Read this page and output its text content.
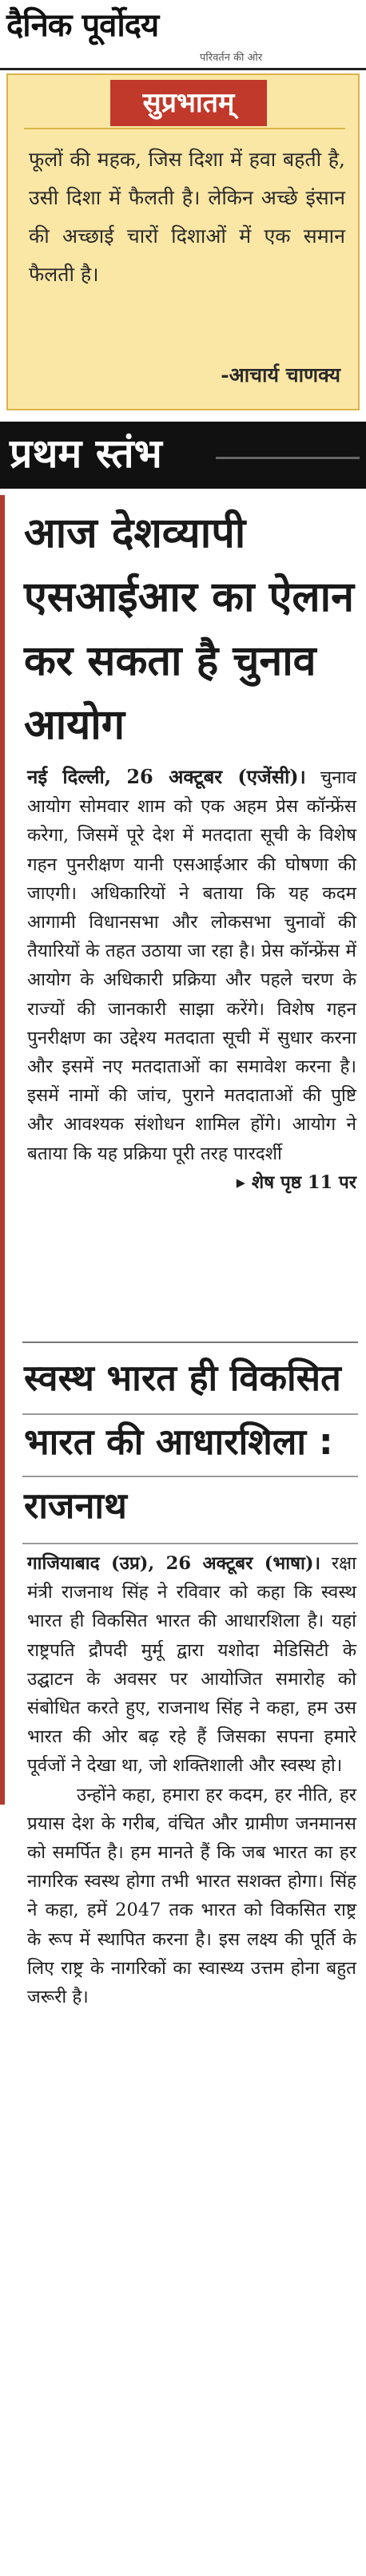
दैनिक पूर्वोदय
परिवर्तन की ओर
सुप्रभातम्
फूलों की महक, जिस दिशा में हवा बहती है, उसी दिशा में फैलती है। लेकिन अच्छे इंसान की अच्छाई चारों दिशाओं में एक समान फैलती है।
-आचार्य चाणक्य
प्रथम स्तंभ
आज देशव्यापी एसआईआर का ऐलान कर सकता है चुनाव आयोग
नई दिल्ली, 26 अक्टूबर (एजेंसी)। चुनाव आयोग सोमवार शाम को एक अहम प्रेस कॉन्फ्रेंस करेगा, जिसमें पूरे देश में मतदाता सूची के विशेष गहन पुनरीक्षण यानी एसआईआर की घोषणा की जाएगी। अधिकारियों ने बताया कि यह कदम आगामी विधानसभा और लोकसभा चुनावों की तैयारियों के तहत उठाया जा रहा है। प्रेस कॉन्फ्रेंस में आयोग के अधिकारी प्रक्रिया और पहले चरण के राज्यों की जानकारी साझा करेंगे। विशेष गहन पुनरीक्षण का उद्देश्य मतदाता सूची में सुधार करना और इसमें नए मतदाताओं का समावेश करना है। इसमें नामों की जांच, पुराने मतदाताओं की पुष्टि और आवश्यक संशोधन शामिल होंगे। आयोग ने बताया कि यह प्रक्रिया पूरी तरह पारदर्शी
▸ शेष पृष्ठ 11 पर
स्वस्थ भारत ही विकसित भारत की आधारशिला : राजनाथ

गाजियाबाद (उप्र), 26 अक्टूबर (भाषा)। रक्षा मंत्री राजनाथ सिंह ने रविवार को कहा कि स्वस्थ भारत ही विकसित भारत की आधारशिला है। यहां राष्ट्रपति द्रौपदी मुर्मू द्वारा यशोदा मेडिसिटी के उद्घाटन के अवसर पर आयोजित समारोह को संबोधित करते हुए, राजनाथ सिंह ने कहा, हम उस भारत की ओर बढ़ रहे हैं जिसका सपना हमारे पूर्वजों ने देखा था, जो शक्तिशाली और स्वस्थ हो।

उन्होंने कहा, हमारा हर कदम, हर नीति, हर प्रयास देश के गरीब, वंचित और ग्रामीण जनमानस को समर्पित है। हम मानते हैं कि जब भारत का हर नागरिक स्वस्थ होगा तभी भारत सशक्त होगा। सिंह ने कहा, हमें 2047 तक भारत को विकसित राष्ट्र के रूप में स्थापित करना है। इस लक्ष्य की पूर्ति के लिए राष्ट्र के नागरिकों का स्वास्थ्य उत्तम होना बहुत जरूरी है।
